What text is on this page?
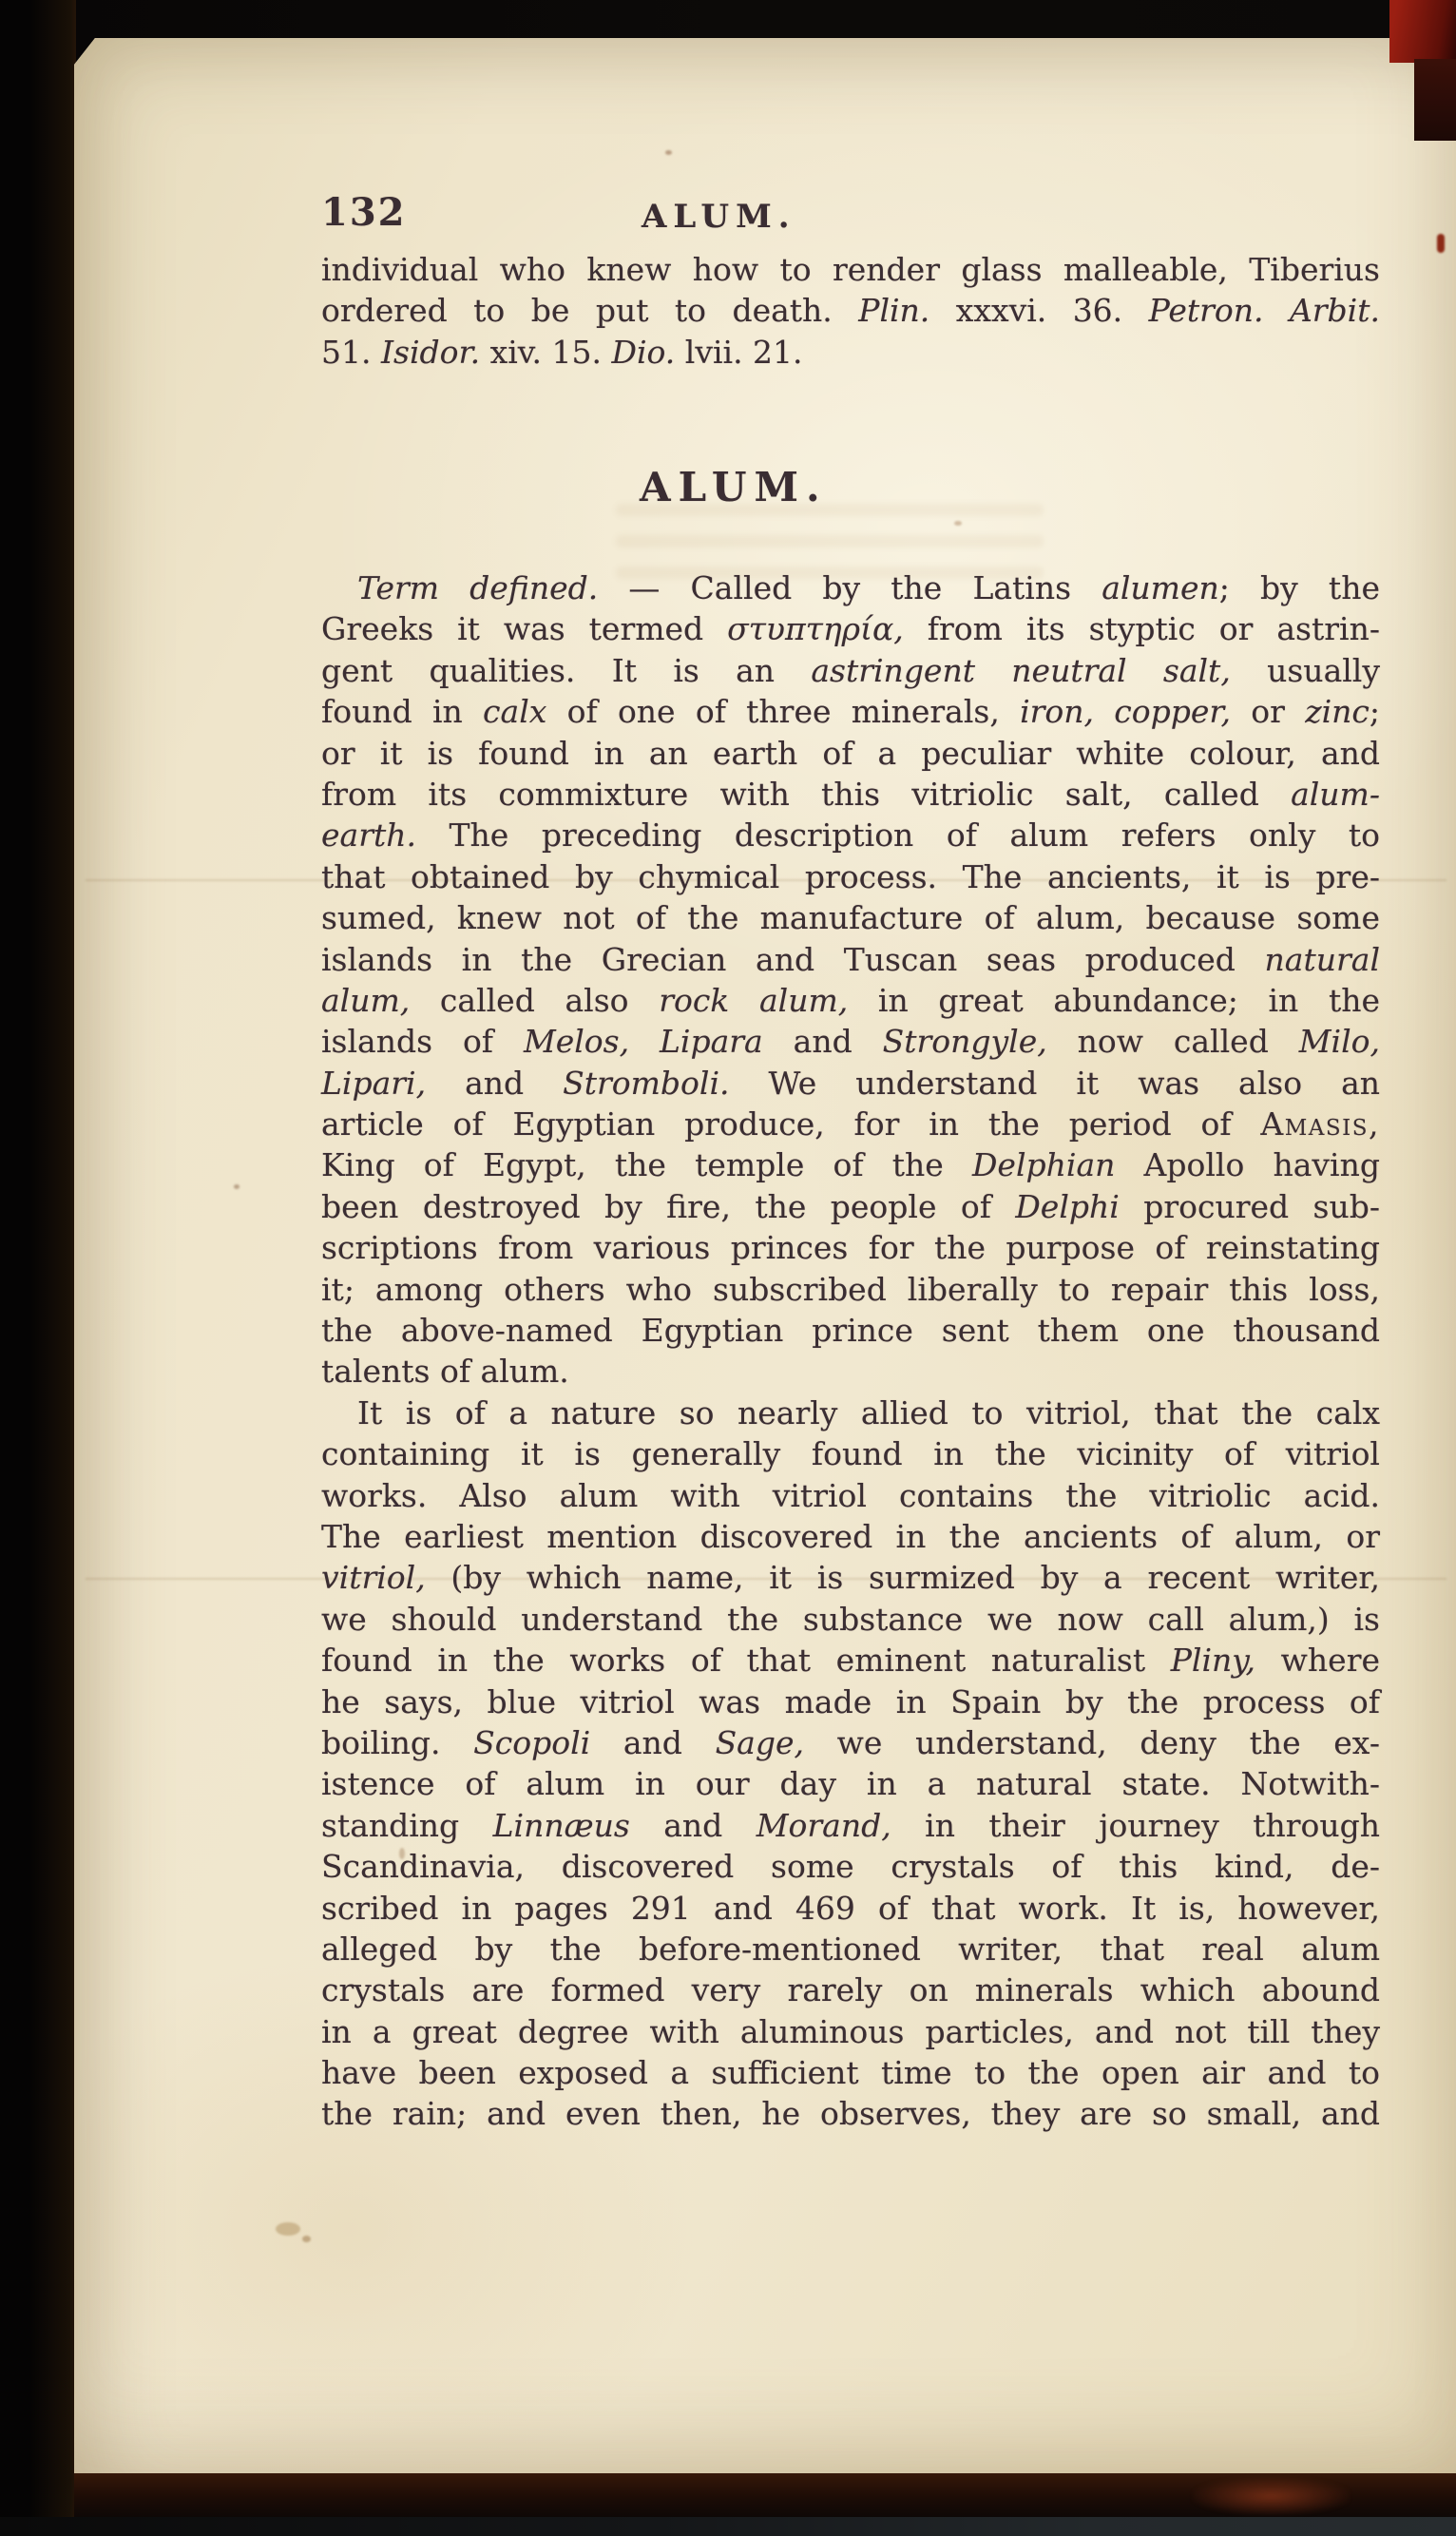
132	ALUM.
individual who knew how to render glass malleable, Tiberius
ordered to be put to death. Plin. xxxvi. 36. Petron. Arbit.
51. Isidor. xiv. 15. Dio. lvii. 21.
ALUM.
Term defined. — Called by the Latins alumen; by the
Greeks it was termed στυπτηρία, from its styptic or astrin-
gent qualities. It is an astringent neutral salt, usually
found in calx of one of three minerals, iron, copper, or zinc;
or it is found in an earth of a peculiar white colour, and
from its commixture with this vitriolic salt, called alum-
earth. The preceding description of alum refers only to
that obtained by chymical process. The ancients, it is pre-
sumed, knew not of the manufacture of alum, because some
islands in the Grecian and Tuscan seas produced natural
alum, called also rock alum, in great abundance; in the
islands of Melos, Lipara and Strongyle, now called Milo,
Lipari, and Stromboli. We understand it was also an
article of Egyptian produce, for in the period of Amasis,
King of Egypt, the temple of the Delphian Apollo having
been destroyed by fire, the people of Delphi procured sub-
scriptions from various princes for the purpose of reinstating
it; among others who subscribed liberally to repair this loss,
the above-named Egyptian prince sent them one thousand
talents of alum.
It is of a nature so nearly allied to vitriol, that the calx
containing it is generally found in the vicinity of vitriol
works. Also alum with vitriol contains the vitriolic acid.
The earliest mention discovered in the ancients of alum, or
vitriol, (by which name, it is surmized by a recent writer,
we should understand the substance we now call alum,) is
found in the works of that eminent naturalist Pliny, where
he says, blue vitriol was made in Spain by the process of
boiling. Scopoli and Sage, we understand, deny the ex-
istence of alum in our day in a natural state. Notwith-
standing Linnæus and Morand, in their journey through
Scandinavia, discovered some crystals of this kind, de-
scribed in pages 291 and 469 of that work. It is, however,
alleged by the before-mentioned writer, that real alum
crystals are formed very rarely on minerals which abound
in a great degree with aluminous particles, and not till they
have been exposed a sufficient time to the open air and to
the rain; and even then, he observes, they are so small, and
